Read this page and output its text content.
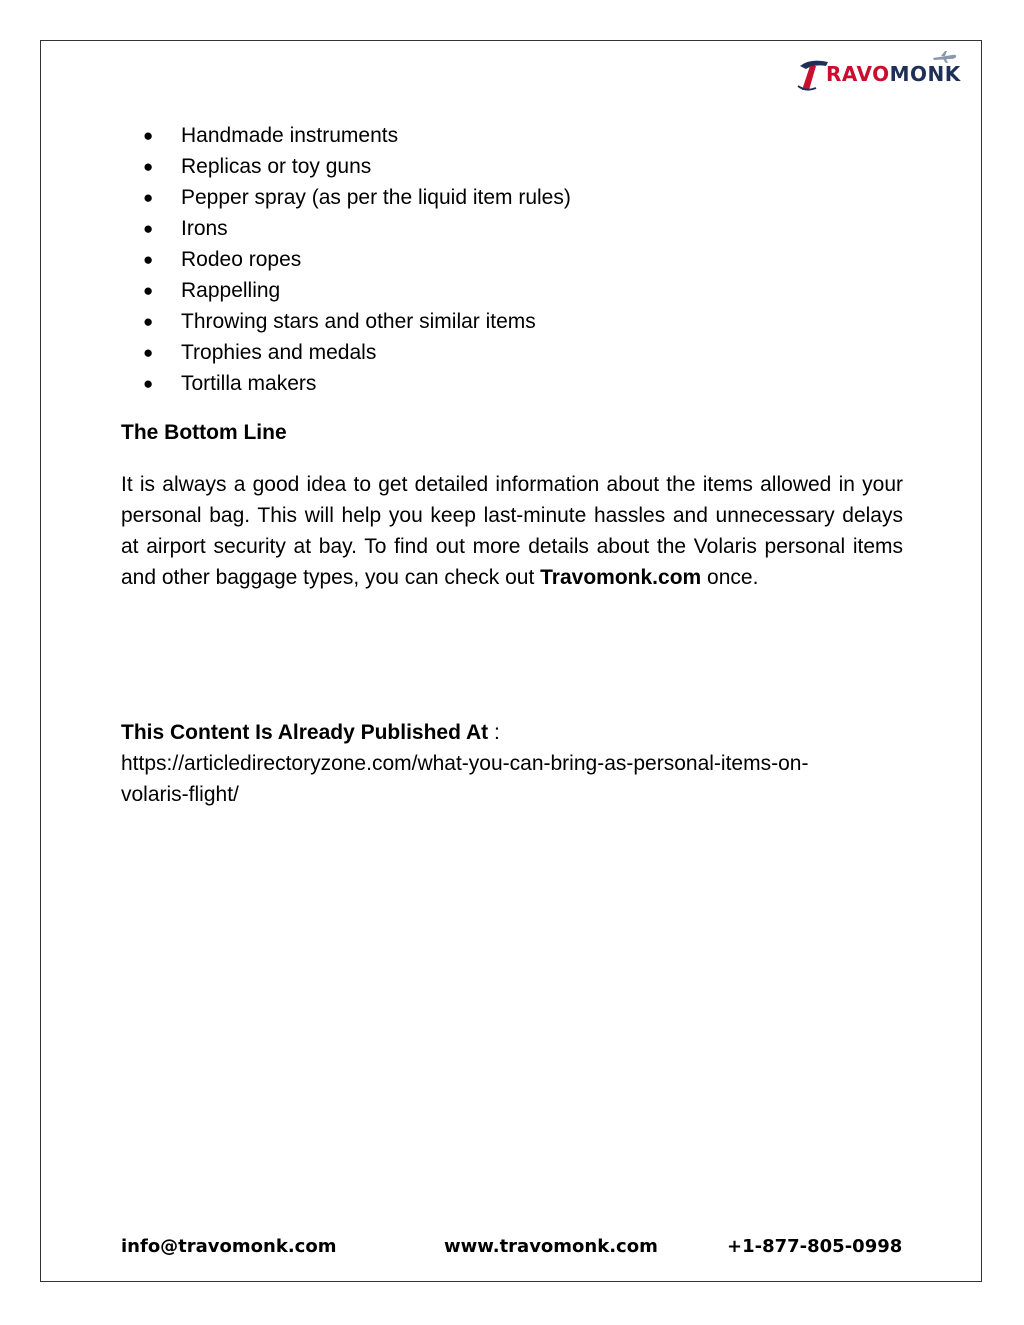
RAVOMONK
● Handmade instruments
● Replicas or toy guns
● Pepper spray (as per the liquid item rules)
● Irons
● Rodeo ropes
● Rappelling
● Throwing stars and other similar items
● Trophies and medals
● Tortilla makers
The Bottom Line

It is always a good idea to get detailed information about the items allowed in your personal bag. This will help you keep last-minute hassles and unnecessary delays at airport security at bay. To find out more details about the Volaris personal items and other baggage types, you can check out Travomonk.com once.

This Content Is Already Published At :
https://articledirectoryzone.com/what-you-can-bring-as-personal-items-on-
volaris-flight/
info@travomonk.com	www.travomonk.com	+1-877-805-0998
